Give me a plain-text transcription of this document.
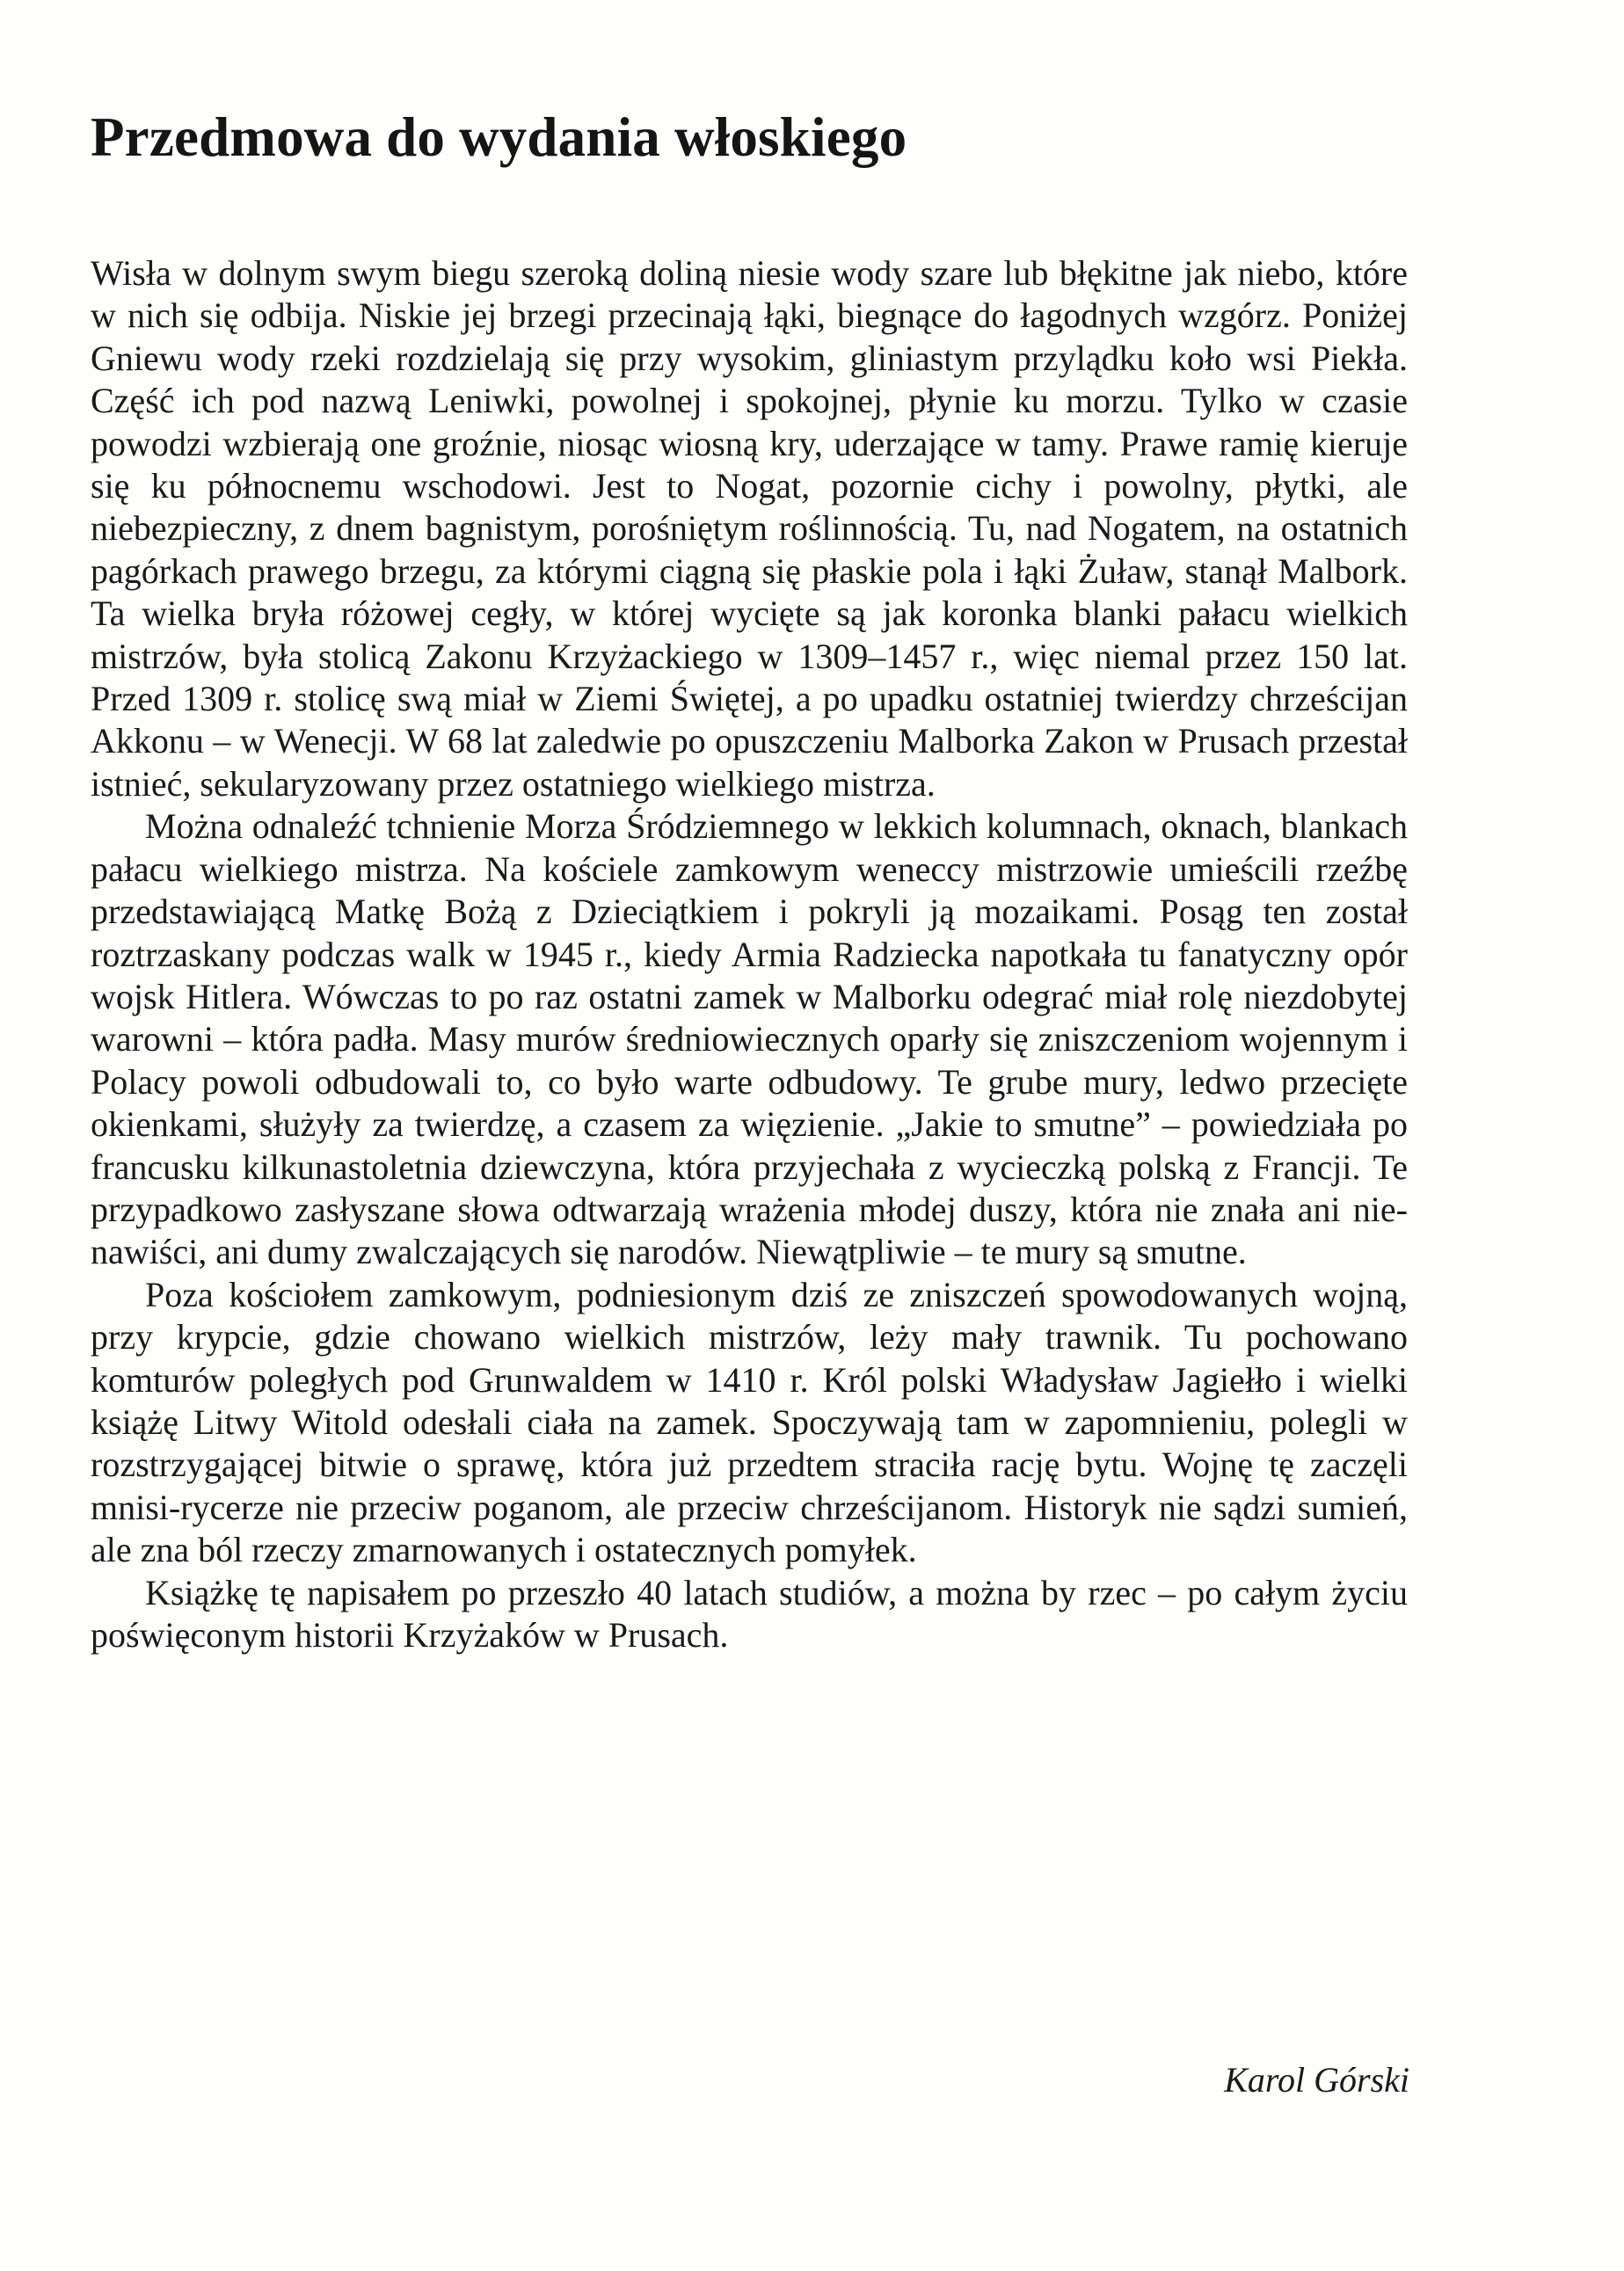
Przedmowa do wydania włoskiego

Wisła w dolnym swym biegu szeroką doliną niesie wody szare lub błękitne jak niebo, które w nich się odbija. Niskie jej brzegi przecinają łąki, biegnące do łagodnych wzgórz. Poniżej Gniewu wody rzeki rozdzielają się przy wysokim, gliniastym przylądku koło wsi Piekła. Część ich pod nazwą Leniwki, powolnej i spokojnej, płynie ku morzu. Tylko w czasie powodzi wzbierają one groźnie, niosąc wiosną kry, uderzające w tamy. Prawe ramię kieruje się ku północnemu wschodowi. Jest to Nogat, pozornie cichy i powolny, płytki, ale niebezpieczny, z dnem bagnistym, porośniętym roślinnością. Tu, nad Nogatem, na ostatnich pagórkach prawego brzegu, za którymi ciągną się płaskie pola i łąki Żuław, stanął Malbork. Ta wielka bryła różowej cegły, w której wycięte są jak koronka blanki pałacu wielkich mistrzów, była stolicą Zakonu Krzyżackiego w 1309–1457 r., więc niemal przez 150 lat. Przed 1309 r. stolicę swą miał w Ziemi Świętej, a po upadku ostatniej twierdzy chrześcijan Akkonu – w Wenecji. W 68 lat zaledwie po opuszczeniu Malborka Zakon w Prusach przestał istnieć, sekularyzowany przez ostatniego wielkiego mistrza.

Można odnaleźć tchnienie Morza Śródziemnego w lekkich kolumnach, oknach, blankach pałacu wielkiego mistrza. Na kościele zamkowym weneccy mistrzowie umieścili rzeźbę przedstawiającą Matkę Bożą z Dzieciątkiem i pokryli ją mozaikami. Posąg ten został roztrzaskany podczas walk w 1945 r., kiedy Armia Radziecka napotkała tu fanatyczny opór wojsk Hitlera. Wówczas to po raz ostatni zamek w Malborku odegrać miał rolę niezdobytej warowni – która padła. Masy murów średniowiecznych oparły się zniszczeniom wojennym i Polacy powoli odbudowali to, co było warte odbudowy. Te grube mury, ledwo przecięte okienkami, służyły za twierdzę, a czasem za więzienie. „Jakie to smutne” – powiedziała po francusku kilkunastoletnia dziewczyna, która przyjechała z wycieczką polską z Francji. Te przypadkowo zasłyszane słowa odtwarzają wrażenia młodej duszy, która nie znała ani nienawiści, ani dumy zwalczających się narodów. Niewątpliwie – te mury są smutne.

Poza kościołem zamkowym, podniesionym dziś ze zniszczeń spowodowanych wojną, przy krypcie, gdzie chowano wielkich mistrzów, leży mały trawnik. Tu pochowano komturów poległych pod Grunwaldem w 1410 r. Król polski Władysław Jagiełło i wielki książę Litwy Witold odesłali ciała na zamek. Spoczywają tam w zapomnieniu, polegli w rozstrzygającej bitwie o sprawę, która już przedtem straciła rację bytu. Wojnę tę zaczęli mnisi-rycerze nie przeciw poganom, ale przeciw chrześcijanom. Historyk nie sądzi sumień, ale zna ból rzeczy zmarnowanych i ostatecznych pomyłek.

Książkę tę napisałem po przeszło 40 latach studiów, a można by rzec – po całym życiu poświęconym historii Krzyżaków w Prusach.

Karol Górski
